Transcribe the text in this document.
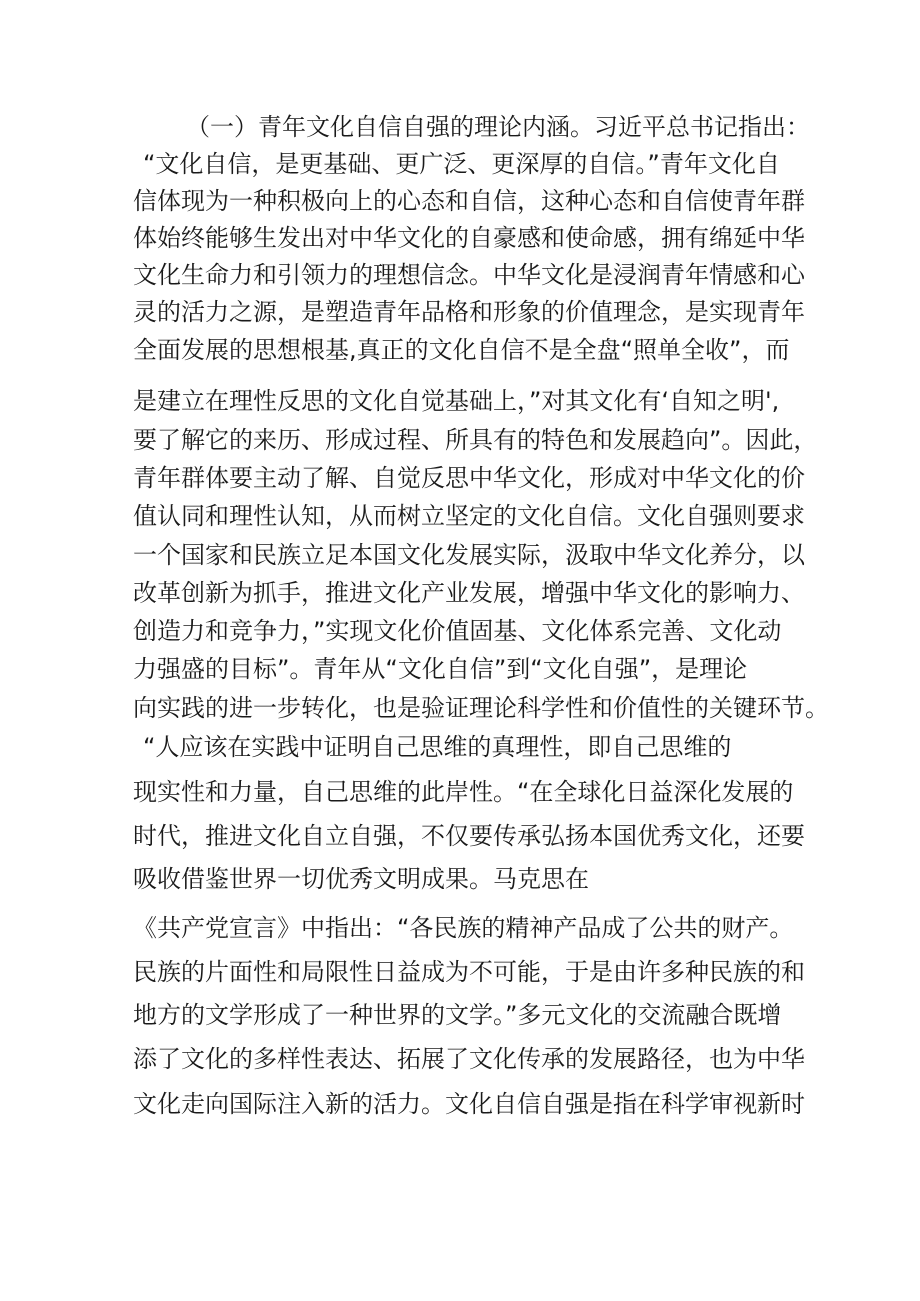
（一）青年文化自信自强的理论内涵。习近平总书记指出：
“文化自信，是更基础、更广泛、更深厚的自信。”青年文化自
信体现为一种积极向上的心态和自信，这种心态和自信使青年群
体始终能够生发出对中华文化的自豪感和使命感，拥有绵延中华
文化生命力和引领力的理想信念。中华文化是浸润青年情感和心
灵的活力之源，是塑造青年品格和形象的价值理念，是实现青年
全面发展的思想根基,真正的文化自信不是全盘“照单全收”，而
是建立在理性反思的文化自觉基础上，”对其文化有‘自知之明',
要了解它的来历、形成过程、所具有的特色和发展趋向”。因此，
青年群体要主动了解、自觉反思中华文化，形成对中华文化的价
值认同和理性认知，从而树立坚定的文化自信。文化自强则要求
一个国家和民族立足本国文化发展实际，汲取中华文化养分，以
改革创新为抓手，推进文化产业发展，增强中华文化的影响力、
创造力和竞争力，”实现文化价值固基、文化体系完善、文化动
力强盛的目标”。青年从“文化自信”到“文化自强”，是理论
向实践的进一步转化，也是验证理论科学性和价值性的关键环节。
“人应该在实践中证明自己思维的真理性，即自己思维的
现实性和力量，自己思维的此岸性。“在全球化日益深化发展的
时代，推进文化自立自强，不仅要传承弘扬本国优秀文化，还要
吸收借鉴世界一切优秀文明成果。马克思在
《共产党宣言》中指出：“各民族的精神产品成了公共的财产。
民族的片面性和局限性日益成为不可能，于是由许多种民族的和
地方的文学形成了一种世界的文学。”多元文化的交流融合既增
添了文化的多样性表达、拓展了文化传承的发展路径，也为中华
文化走向国际注入新的活力。文化自信自强是指在科学审视新时
